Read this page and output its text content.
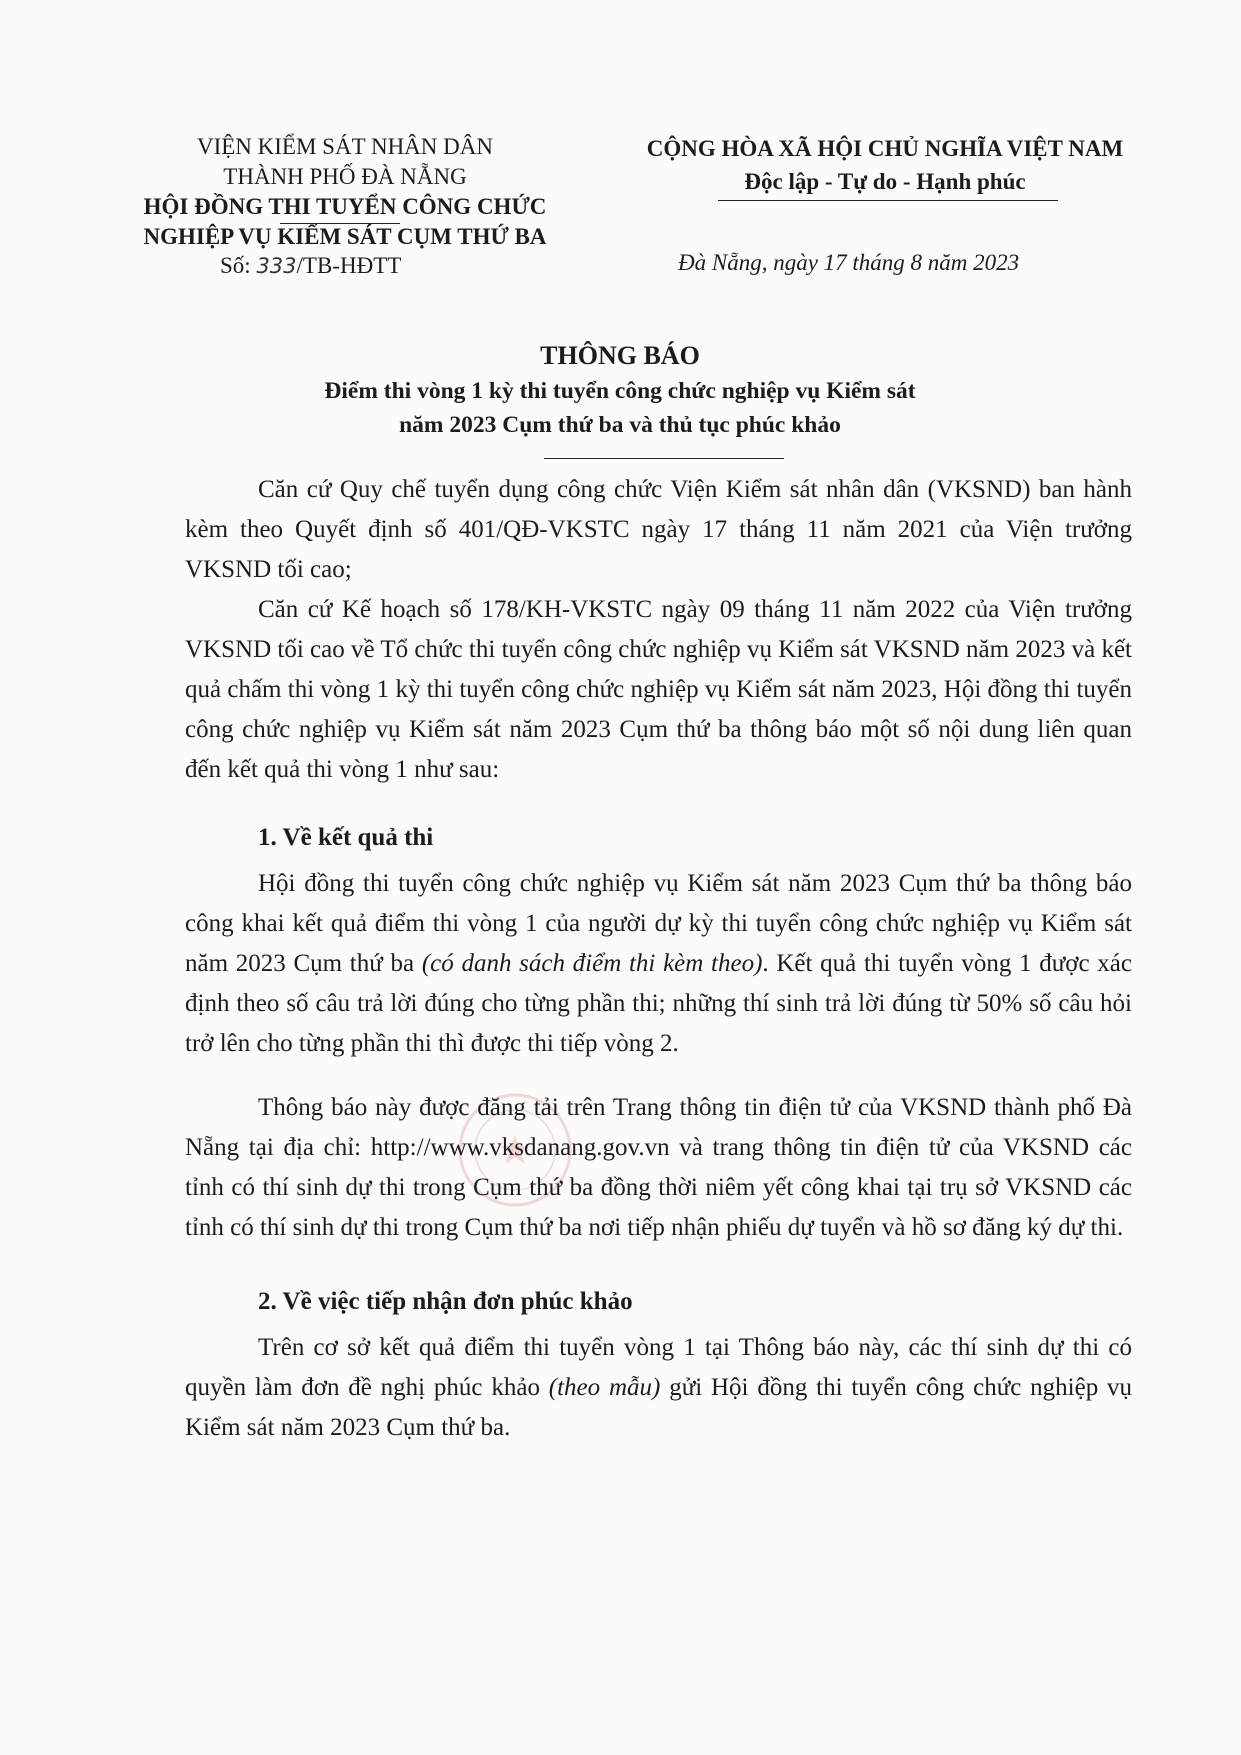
VIỆN KIỂM SÁT NHÂN DÂN
THÀNH PHỐ ĐÀ NẴNG
HỘI ĐỒNG THI TUYỂN CÔNG CHỨC
NGHIỆP VỤ KIỂM SÁT CỤM THỨ BA
Số: 333/TB-HĐTT
CỘNG HÒA XÃ HỘI CHỦ NGHĨA VIỆT NAM
Độc lập - Tự do - Hạnh phúc
Đà Nẵng, ngày 17 tháng 8 năm 2023
THÔNG BÁO
Điểm thi vòng 1 kỳ thi tuyển công chức nghiệp vụ Kiểm sát
năm 2023 Cụm thứ ba và thủ tục phúc khảo
Căn cứ Quy chế tuyển dụng công chức Viện Kiểm sát nhân dân (VKSND) ban hành kèm theo Quyết định số 401/QĐ-VKSTC ngày 17 tháng 11 năm 2021 của Viện trưởng VKSND tối cao;
Căn cứ Kế hoạch số 178/KH-VKSTC ngày 09 tháng 11 năm 2022 của Viện trưởng VKSND tối cao về Tổ chức thi tuyển công chức nghiệp vụ Kiểm sát VKSND năm 2023 và kết quả chấm thi vòng 1 kỳ thi tuyển công chức nghiệp vụ Kiểm sát năm 2023, Hội đồng thi tuyển công chức nghiệp vụ Kiểm sát năm 2023 Cụm thứ ba thông báo một số nội dung liên quan đến kết quả thi vòng 1 như sau:
1. Về kết quả thi
Hội đồng thi tuyển công chức nghiệp vụ Kiểm sát năm 2023 Cụm thứ ba thông báo công khai kết quả điểm thi vòng 1 của người dự kỳ thi tuyển công chức nghiệp vụ Kiểm sát năm 2023 Cụm thứ ba (có danh sách điểm thi kèm theo). Kết quả thi tuyển vòng 1 được xác định theo số câu trả lời đúng cho từng phần thi; những thí sinh trả lời đúng từ 50% số câu hỏi trở lên cho từng phần thi thì được thi tiếp vòng 2.
Thông báo này được đăng tải trên Trang thông tin điện tử của VKSND thành phố Đà Nẵng tại địa chỉ: http://www.vksdanang.gov.vn và trang thông tin điện tử của VKSND các tỉnh có thí sinh dự thi trong Cụm thứ ba đồng thời niêm yết công khai tại trụ sở VKSND các tỉnh có thí sinh dự thi trong Cụm thứ ba nơi tiếp nhận phiếu dự tuyển và hồ sơ đăng ký dự thi.
2. Về việc tiếp nhận đơn phúc khảo
Trên cơ sở kết quả điểm thi tuyển vòng 1 tại Thông báo này, các thí sinh dự thi có quyền làm đơn đề nghị phúc khảo (theo mẫu) gửi Hội đồng thi tuyển công chức nghiệp vụ Kiểm sát năm 2023 Cụm thứ ba.
